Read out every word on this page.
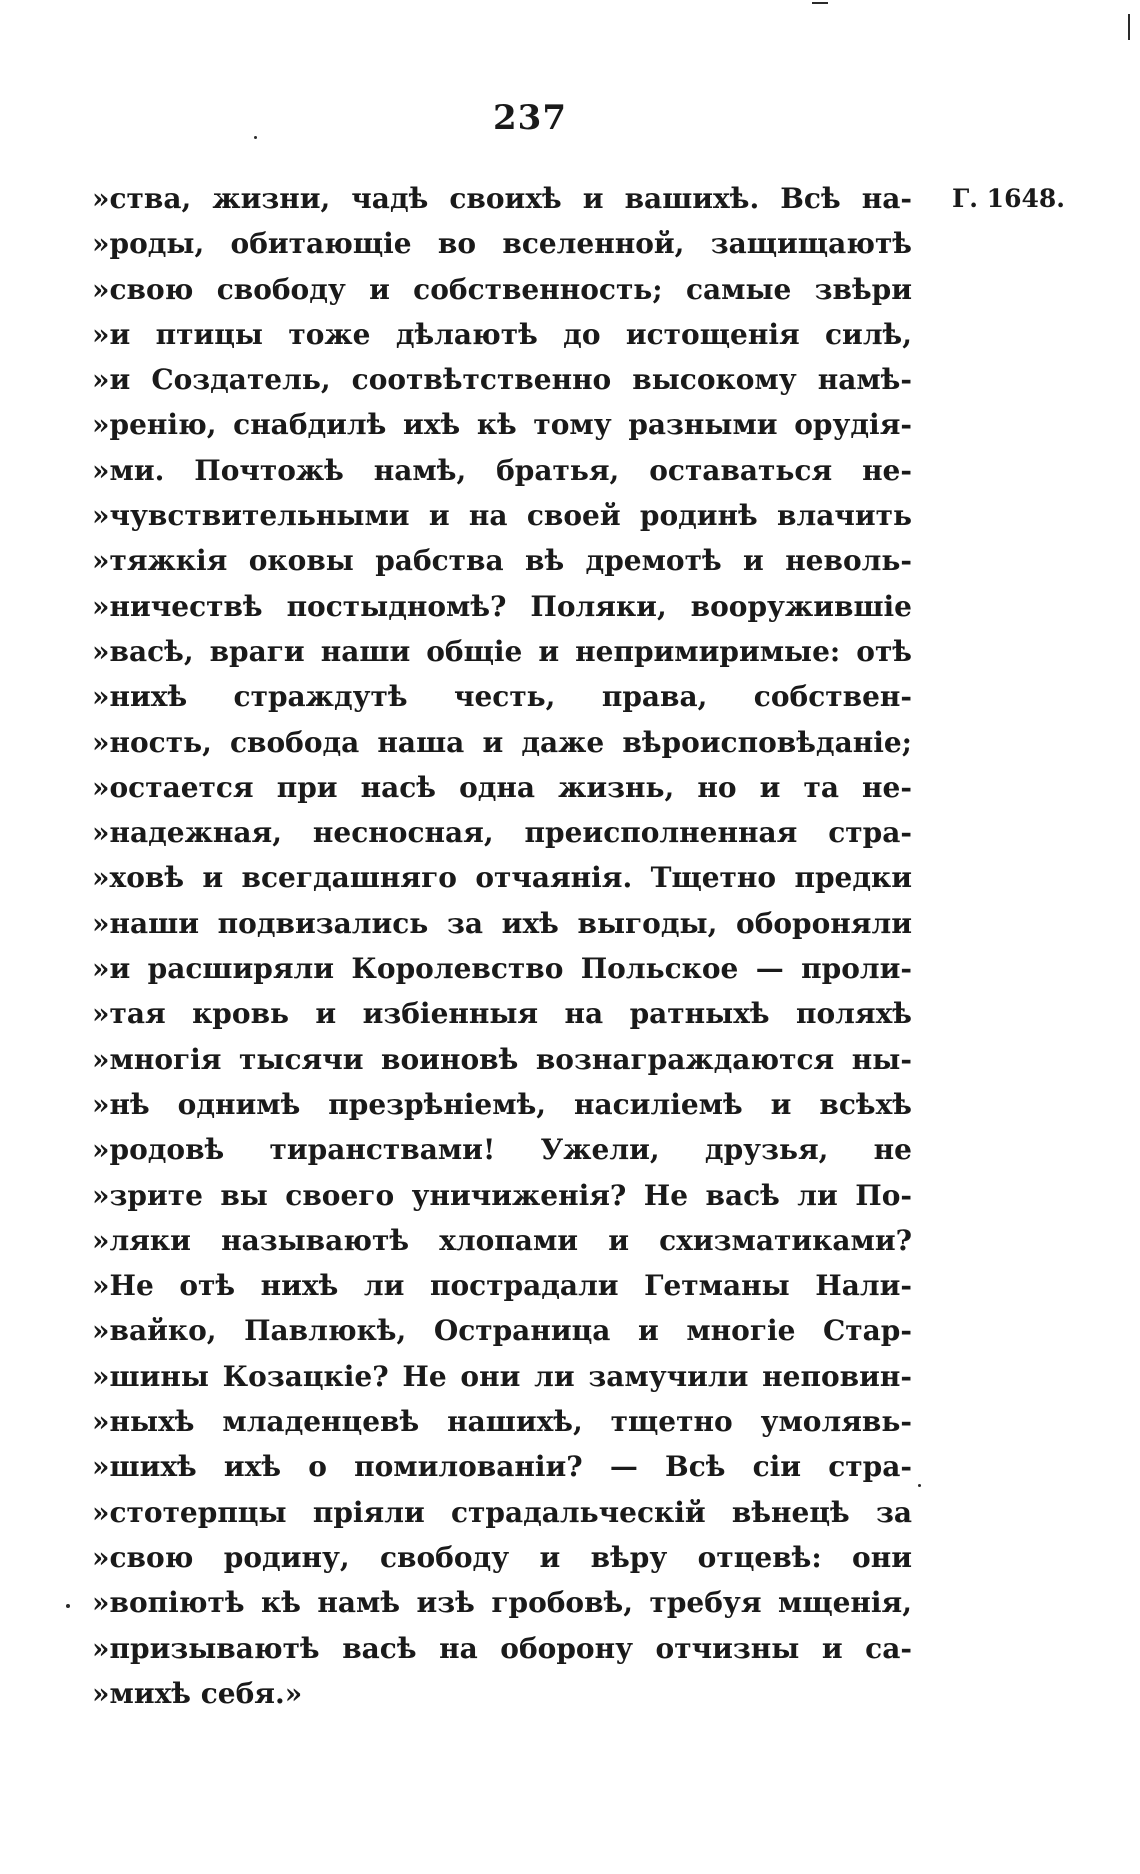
237
Г. 1648.
»ства, жизни, чадѣ своихѣ и вашихѣ. Всѣ на-
»роды, обитающіе во вселенной, защищаютѣ
»свою свободу и собственность; самые звѣри
»и птицы тоже дѣлаютѣ до истощенія силѣ,
»и Создатель, соотвѣтственно высокому намѣ-
»ренію, снабдилѣ ихѣ кѣ тому разными орудія-
»ми. Почтожѣ намѣ, братья, оставаться не-
»чувствительными и на своей родинѣ влачить
»тяжкія оковы рабства вѣ дремотѣ и неволь-
»ничествѣ постыдномѣ? Поляки, вооружившіе
»васѣ, враги наши общіе и непримиримые: отѣ
»нихѣ страждутѣ честь, права, собствен-
»ность, свобода наша и даже вѣроисповѣданіе;
»остается при насѣ одна жизнь, но и та не-
»надежная, несносная, преисполненная стра-
»ховѣ и всегдашняго отчаянія. Тщетно предки
»наши подвизались за ихѣ выгоды, обороняли
»и расширяли Королевство Польское — проли-
»тая кровь и избіенныя на ратныхѣ поляхѣ
»многія тысячи воиновѣ вознаграждаются ны-
»нѣ однимѣ презрѣніемѣ, насиліемѣ и всѣхѣ
»родовѣ тиранствами! Ужели, друзья, не
»зрите вы своего уничиженія? Не васѣ ли По-
»ляки называютѣ хлопами и схизматиками?
»Не отѣ нихѣ ли пострадали Гетманы Нали-
»вайко, Павлюкѣ, Остраница и многіе Стар-
»шины Козацкіе? Не они ли замучили неповин-
»ныхѣ младенцевѣ нашихѣ, тщетно умолявь-
»шихѣ ихѣ о помилованіи? — Всѣ сіи стра-
»стотерпцы пріяли страдальческій вѣнецѣ за
»свою родину, свободу и вѣру отцевѣ: они
»вопіютѣ кѣ намѣ изѣ гробовѣ, требуя мщенія,
»призываютѣ васѣ на оборону отчизны и са-
»михѣ себя.»
